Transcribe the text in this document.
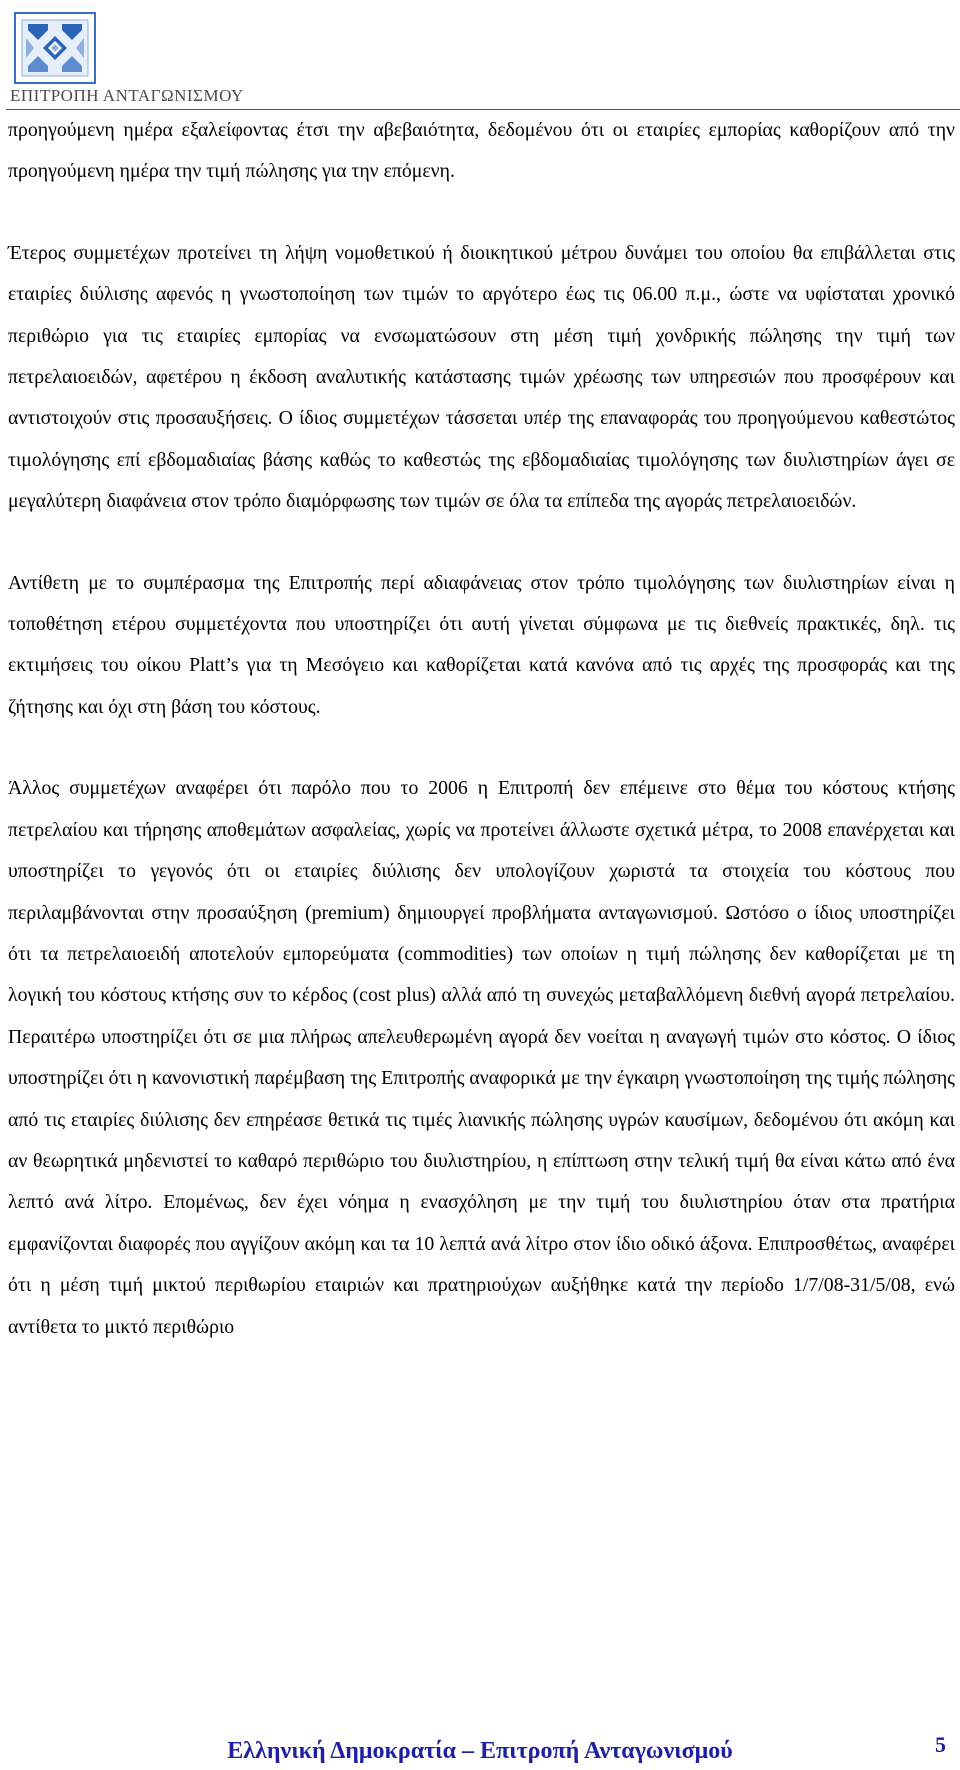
ΕΠΙΤΡΟΠΗ ΑΝΤΑΓΩΝΙΣΜΟΥ

προηγούμενη ημέρα εξαλείφοντας έτσι την αβεβαιότητα, δεδομένου ότι οι εταιρίες εμπορίας καθορίζουν από την προηγούμενη ημέρα την τιμή πώλησης για την επόμενη.

Έτερος συμμετέχων προτείνει τη λήψη νομοθετικού ή διοικητικού μέτρου δυνάμει του οποίου θα επιβάλλεται στις εταιρίες διύλισης αφενός η γνωστοποίηση των τιμών το αργότερο έως τις 06.00 π.μ., ώστε να υφίσταται χρονικό περιθώριο για τις εταιρίες εμπορίας να ενσωματώσουν στη μέση τιμή χονδρικής πώλησης την τιμή των πετρελαιοειδών, αφετέρου η έκδοση αναλυτικής κατάστασης τιμών χρέωσης των υπηρεσιών που προσφέρουν και αντιστοιχούν στις προσαυξήσεις. Ο ίδιος συμμετέχων τάσσεται υπέρ της επαναφοράς του προηγούμενου καθεστώτος τιμολόγησης επί εβδομαδιαίας βάσης καθώς το καθεστώς της εβδομαδιαίας τιμολόγησης των διυλιστηρίων άγει σε μεγαλύτερη διαφάνεια στον τρόπο διαμόρφωσης των τιμών σε όλα τα επίπεδα της αγοράς πετρελαιοειδών.

Αντίθετη με το συμπέρασμα της Επιτροπής περί αδιαφάνειας στον τρόπο τιμολόγησης των διυλιστηρίων είναι η τοποθέτηση ετέρου συμμετέχοντα που υποστηρίζει ότι αυτή γίνεται σύμφωνα με τις διεθνείς πρακτικές, δηλ. τις εκτιμήσεις του οίκου Platt’s για τη Μεσόγειο και καθορίζεται κατά κανόνα από τις αρχές της προσφοράς και της ζήτησης και όχι στη βάση του κόστους.

Άλλος συμμετέχων αναφέρει ότι παρόλο που το 2006 η Επιτροπή δεν επέμεινε στο θέμα του κόστους κτήσης πετρελαίου και τήρησης αποθεμάτων ασφαλείας, χωρίς να προτείνει άλλωστε σχετικά μέτρα, το 2008 επανέρχεται και υποστηρίζει το γεγονός ότι οι εταιρίες διύλισης δεν υπολογίζουν χωριστά τα στοιχεία του κόστους που περιλαμβάνονται στην προσαύξηση (premium) δημιουργεί προβλήματα ανταγωνισμού. Ωστόσο ο ίδιος υποστηρίζει ότι τα πετρελαιοειδή αποτελούν εμπορεύματα (commodities) των οποίων η τιμή πώλησης δεν καθορίζεται με τη λογική του κόστους κτήσης συν το κέρδος (cost plus) αλλά από τη συνεχώς μεταβαλλόμενη διεθνή αγορά πετρελαίου. Περαιτέρω υποστηρίζει ότι σε μια πλήρως απελευθερωμένη αγορά δεν νοείται η αναγωγή τιμών στο κόστος. Ο ίδιος υποστηρίζει ότι η κανονιστική παρέμβαση της Επιτροπής αναφορικά με την έγκαιρη γνωστοποίηση της τιμής πώλησης από τις εταιρίες διύλισης δεν επηρέασε θετικά τις τιμές λιανικής πώλησης υγρών καυσίμων, δεδομένου ότι ακόμη και αν θεωρητικά μηδενιστεί το καθαρό περιθώριο του διυλιστηρίου, η επίπτωση στην τελική τιμή θα είναι κάτω από ένα λεπτό ανά λίτρο. Επομένως, δεν έχει νόημα η ενασχόληση με την τιμή του διυλιστηρίου όταν στα πρατήρια εμφανίζονται διαφορές που αγγίζουν ακόμη και τα 10 λεπτά ανά λίτρο στον ίδιο οδικό άξονα. Επιπροσθέτως, αναφέρει ότι η μέση τιμή μικτού περιθωρίου εταιριών και πρατηριούχων αυξήθηκε κατά την περίοδο 1/7/08-31/5/08, ενώ αντίθετα το μικτό περιθώριο

Ελληνική Δημοκρατία – Επιτροπή Ανταγωνισμού	5
